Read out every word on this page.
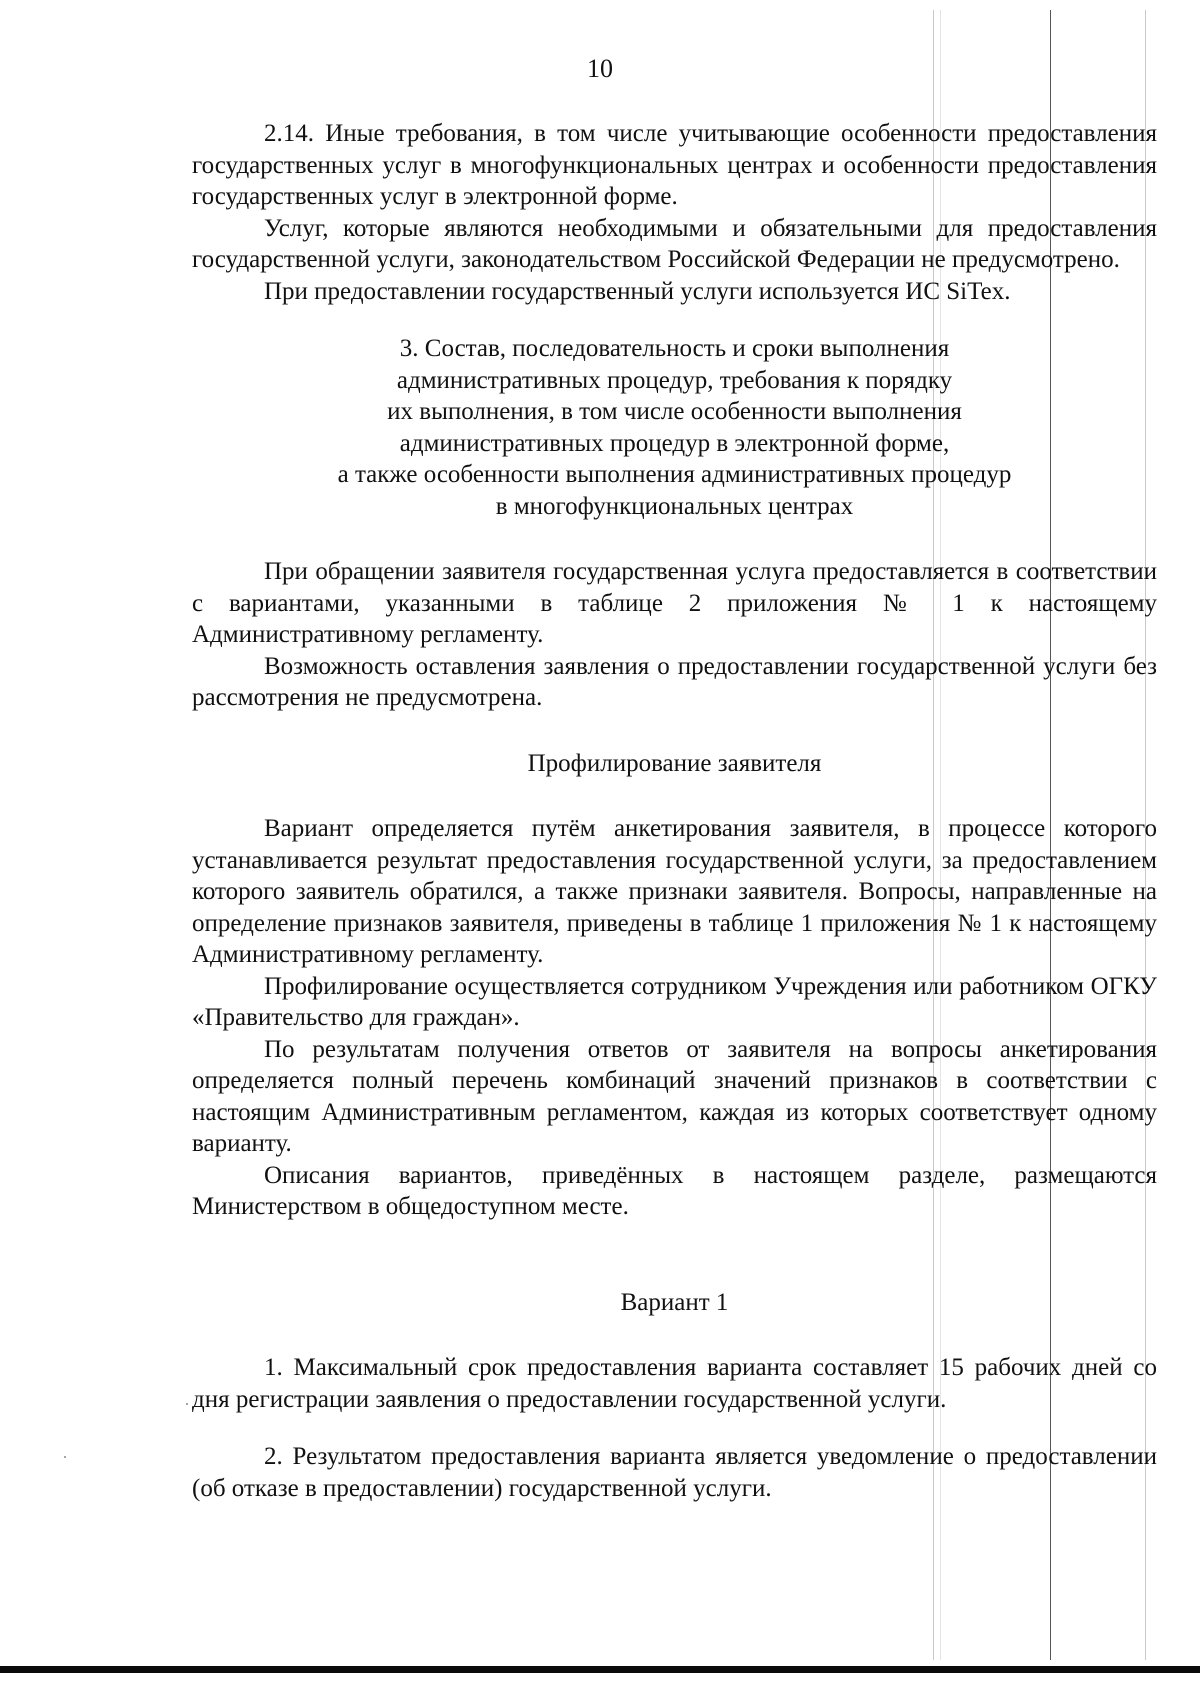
10

2.14. Иные требования, в том числе учитывающие особенности предоставления государственных услуг в многофункциональных центрах и особенности предоставления государственных услуг в электронной форме.

Услуг, которые являются необходимыми и обязательными для предоставления государственной услуги, законодательством Российской Федерации не предусмотрено.

При предоставлении государственный услуги используется ИС SiTex.

3. Состав, последовательность и сроки выполнения
административных процедур, требования к порядку
их выполнения, в том числе особенности выполнения
административных процедур в электронной форме,
а также особенности выполнения административных процедур
в многофункциональных центрах

При обращении заявителя государственная услуга предоставляется в соответствии с вариантами, указанными в таблице 2 приложения № 1 к настоящему Административному регламенту.

Возможность оставления заявления о предоставлении государственной услуги без рассмотрения не предусмотрена.

Профилирование заявителя

Вариант определяется путём анкетирования заявителя, в процессе которого устанавливается результат предоставления государственной услуги, за предоставлением которого заявитель обратился, а также признаки заявителя. Вопросы, направленные на определение признаков заявителя, приведены в таблице 1 приложения № 1 к настоящему Административному регламенту.

Профилирование осуществляется сотрудником Учреждения или работником ОГКУ «Правительство для граждан».

По результатам получения ответов от заявителя на вопросы анкетирования определяется полный перечень комбинаций значений признаков в соответствии с настоящим Административным регламентом, каждая из которых соответствует одному варианту.

Описания вариантов, приведённых в настоящем разделе, размещаются Министерством в общедоступном месте.

Вариант 1

1. Максимальный срок предоставления варианта составляет 15 рабочих дней со дня регистрации заявления о предоставлении государственной услуги.

2. Результатом предоставления варианта является уведомление о предоставлении (об отказе в предоставлении) государственной услуги.
